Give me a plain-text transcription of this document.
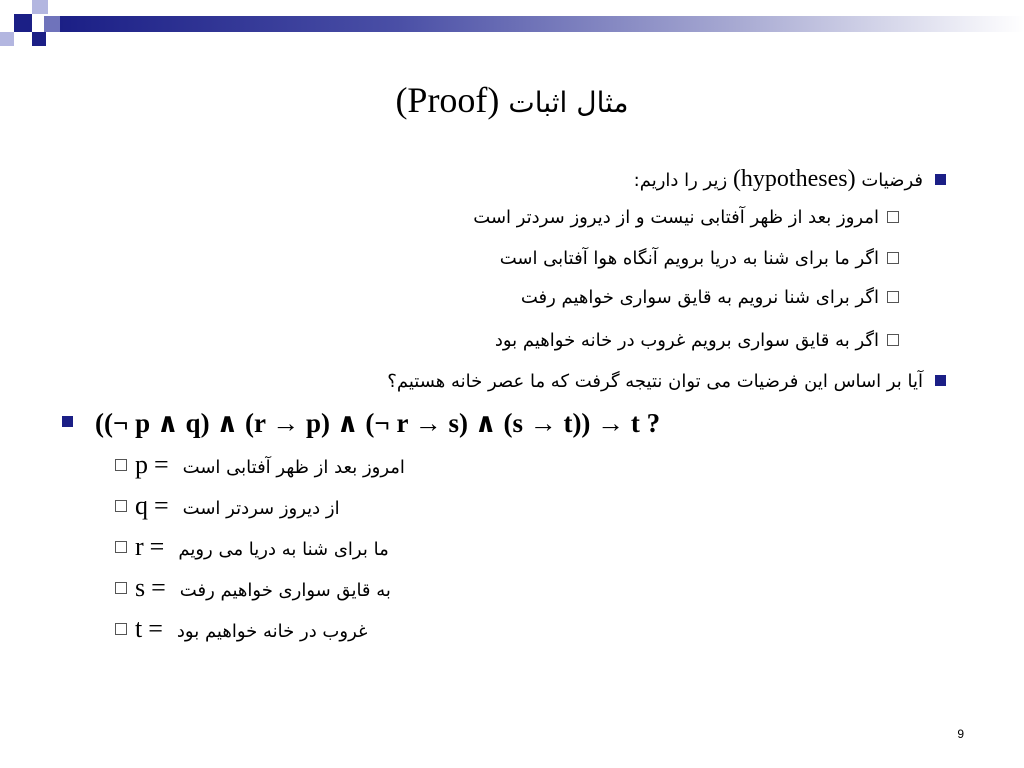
(Proof) مثال اثبات
فرضیات (hypotheses) زیر را داریم:
امروز بعد از ظهر آفتابی نیست و از دیروز سردتر است
اگر ما برای شنا به دریا برویم آنگاه هوا آفتابی است
اگر برای شنا نرویم به قایق سواری خواهیم رفت
اگر به قایق سواری برویم غروب در خانه خواهیم بود
آیا بر اساس این فرضیات می توان نتیجه گرفت که ما عصر خانه هستیم؟
((¬ p ∧ q) ∧ (r → p) ∧ (¬ r → s) ∧ (s → t)) → t ?
p = امروز بعد از ظهر آفتابی است
q = از دیروز سردتر است
r = ما برای شنا به دریا می رویم
s = به قایق سواری خواهیم رفت
t = غروب در خانه خواهیم بود
9
